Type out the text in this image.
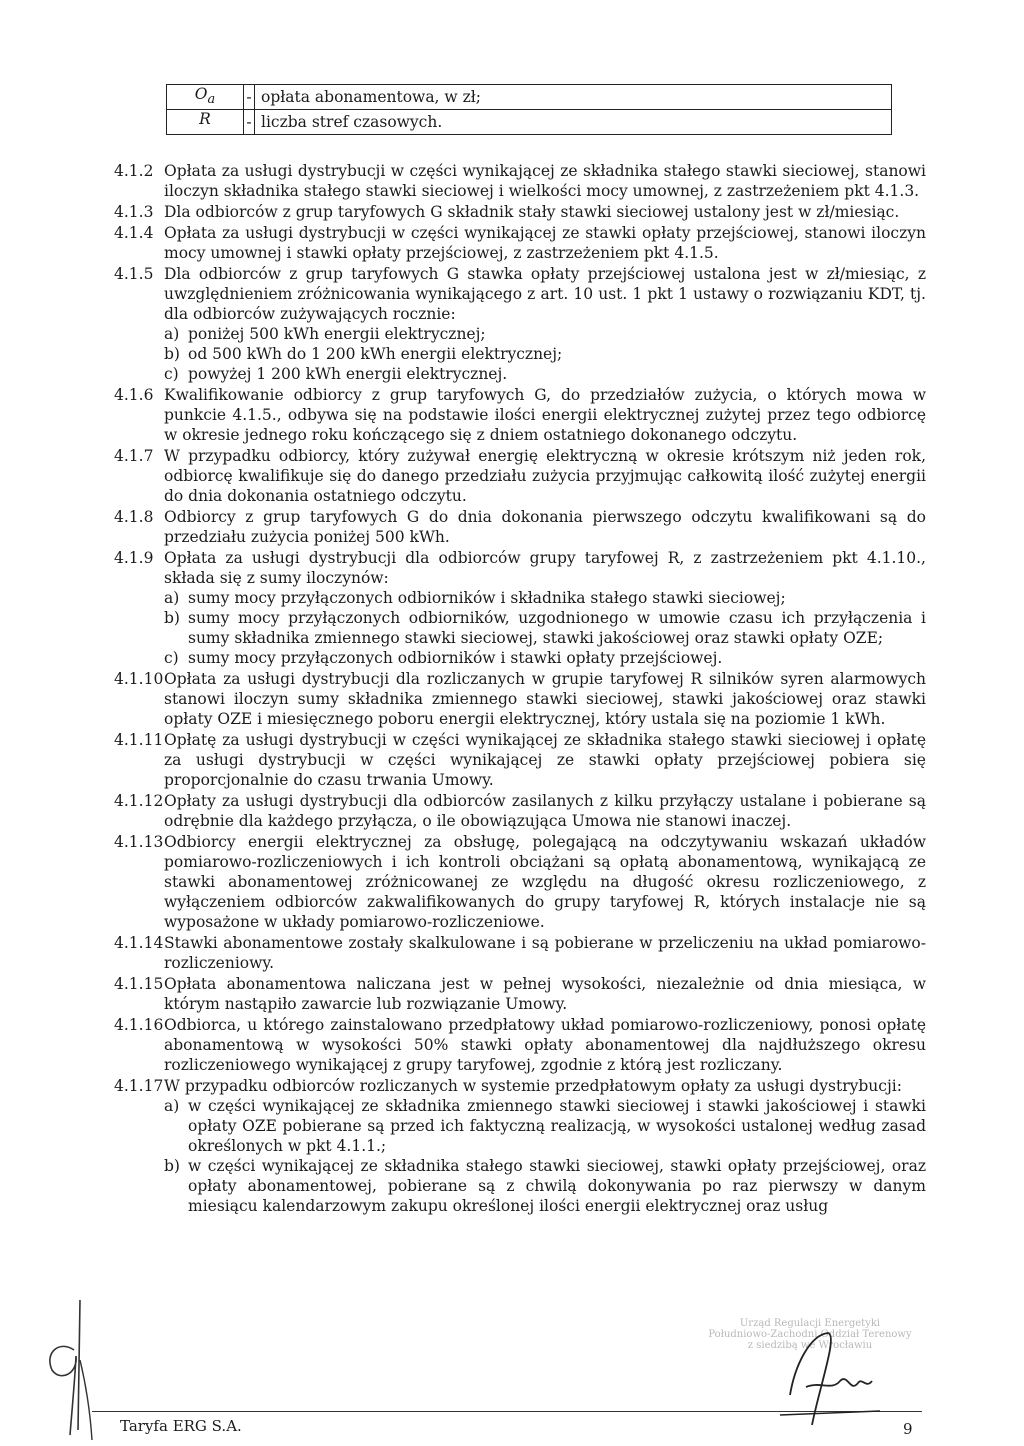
$O_a$	-	opłata abonamentowa, w zł;
R	-	liczba stref czasowych.
4.1.2 Opłata za usługi dystrybucji w części wynikającej ze składnika stałego stawki sieciowej, stanowi iloczyn składnika stałego stawki sieciowej i wielkości mocy umownej, z zastrzeżeniem pkt 4.1.3.

4.1.3 Dla odbiorców z grup taryfowych G składnik stały stawki sieciowej ustalony jest w zł/miesiąc.

4.1.4 Opłata za usługi dystrybucji w części wynikającej ze stawki opłaty przejściowej, stanowi iloczyn mocy umownej i stawki opłaty przejściowej, z zastrzeżeniem pkt 4.1.5.

4.1.5 Dla odbiorców z grup taryfowych G stawka opłaty przejściowej ustalona jest w zł/miesiąc, z uwzględnieniem zróżnicowania wynikającego z art. 10 ust. 1 pkt 1 ustawy o rozwiązaniu KDT, tj. dla odbiorców zużywających rocznie:

a) poniżej 500 kWh energii elektrycznej;
b) od 500 kWh do 1 200 kWh energii elektrycznej;
c) powyżej 1 200 kWh energii elektrycznej.
4.1.6 Kwalifikowanie odbiorcy z grup taryfowych G, do przedziałów zużycia, o których mowa w punkcie 4.1.5., odbywa się na podstawie ilości energii elektrycznej zużytej przez tego odbiorcę w okresie jednego roku kończącego się z dniem ostatniego dokonanego odczytu.

4.1.7 W przypadku odbiorcy, który zużywał energię elektryczną w okresie krótszym niż jeden rok, odbiorcę kwalifikuje się do danego przedziału zużycia przyjmując całkowitą ilość zużytej energii do dnia dokonania ostatniego odczytu.

4.1.8 Odbiorcy z grup taryfowych G do dnia dokonania pierwszego odczytu kwalifikowani są do przedziału zużycia poniżej 500 kWh.

4.1.9 Opłata za usługi dystrybucji dla odbiorców grupy taryfowej R, z zastrzeżeniem pkt 4.1.10., składa się z sumy iloczynów:

a) sumy mocy przyłączonych odbiorników i składnika stałego stawki sieciowej;
b) sumy mocy przyłączonych odbiorników, uzgodnionego w umowie czasu ich przyłączenia i sumy składnika zmiennego stawki sieciowej, stawki jakościowej oraz stawki opłaty OZE;
c) sumy mocy przyłączonych odbiorników i stawki opłaty przejściowej.
4.1.10 Opłata za usługi dystrybucji dla rozliczanych w grupie taryfowej R silników syren alarmowych stanowi iloczyn sumy składnika zmiennego stawki sieciowej, stawki jakościowej oraz stawki opłaty OZE i miesięcznego poboru energii elektrycznej, który ustala się na poziomie 1 kWh.

4.1.11 Opłatę za usługi dystrybucji w części wynikającej ze składnika stałego stawki sieciowej i opłatę za usługi dystrybucji w części wynikającej ze stawki opłaty przejściowej pobiera się proporcjonalnie do czasu trwania Umowy.

4.1.12 Opłaty za usługi dystrybucji dla odbiorców zasilanych z kilku przyłączy ustalane i pobierane są odrębnie dla każdego przyłącza, o ile obowiązująca Umowa nie stanowi inaczej.

4.1.13 Odbiorcy energii elektrycznej za obsługę, polegającą na odczytywaniu wskazań układów pomiarowo-rozliczeniowych i ich kontroli obciążani są opłatą abonamentową, wynikającą ze stawki abonamentowej zróżnicowanej ze względu na długość okresu rozliczeniowego, z wyłączeniem odbiorców zakwalifikowanych do grupy taryfowej R, których instalacje nie są wyposażone w układy pomiarowo-rozliczeniowe.

4.1.14 Stawki abonamentowe zostały skalkulowane i są pobierane w przeliczeniu na układ pomiarowo-rozliczeniowy.

4.1.15 Opłata abonamentowa naliczana jest w pełnej wysokości, niezależnie od dnia miesiąca, w którym nastąpiło zawarcie lub rozwiązanie Umowy.

4.1.16 Odbiorca, u którego zainstalowano przedpłatowy układ pomiarowo-rozliczeniowy, ponosi opłatę abonamentową w wysokości 50% stawki opłaty abonamentowej dla najdłuższego okresu rozliczeniowego wynikającej z grupy taryfowej, zgodnie z którą jest rozliczany.

4.1.17 W przypadku odbiorców rozliczanych w systemie przedpłatowym opłaty za usługi dystrybucji:

a) w części wynikającej ze składnika zmiennego stawki sieciowej i stawki jakościowej i stawki opłaty OZE pobierane są przed ich faktyczną realizacją, w wysokości ustalonej według zasad określonych w pkt 4.1.1.;
b) w części wynikającej ze składnika stałego stawki sieciowej, stawki opłaty przejściowej, oraz opłaty abonamentowej, pobierane są z chwilą dokonywania po raz pierwszy w danym miesiącu kalendarzowym zakupu określonej ilości energii elektrycznej oraz usług
Taryfa ERG S.A.	9
Urząd Regulacji Energetyki
Południowo-Zachodni Oddział Terenowy
z siedzibą we Wrocławiu
